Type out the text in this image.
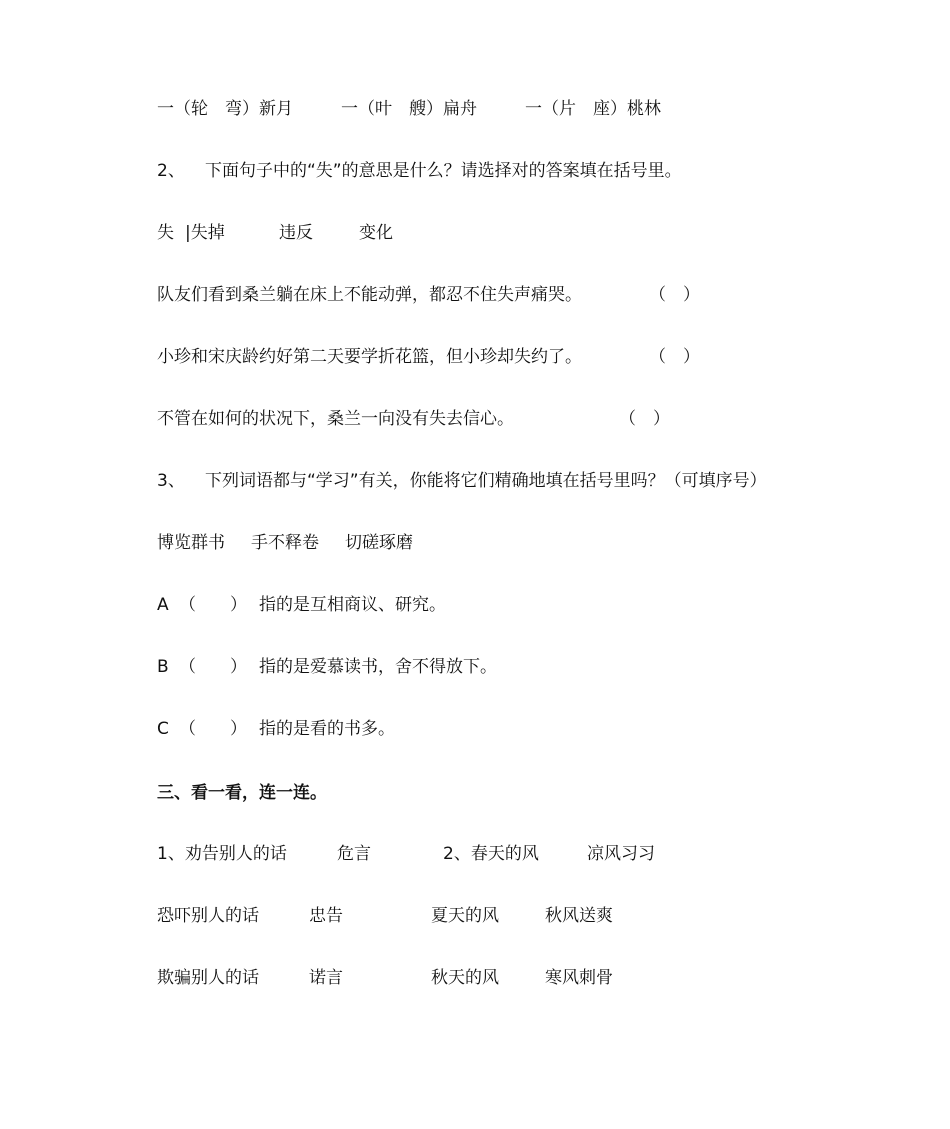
一（轮　弯）新月	一（叶　艘）扁舟	一（片　座）桃林
2、 下面句子中的“失”的意思是什么？请选择对的答案填在括号里。
失 |失掉	违反	变化
队友们看到桑兰躺在床上不能动弹，都忍不住失声痛哭。	（　）
小珍和宋庆龄约好第二天要学折花篮，但小珍却失约了。	（　）
不管在如何的状况下，桑兰一向没有失去信心。	（　）
3、 下列词语都与“学习”有关，你能将它们精确地填在括号里吗？（可填序号）
博览群书 手不释卷 切磋琢磨
A （　　） 指的是互相商议、研究。
B （　　） 指的是爱慕读书，舍不得放下。
C （　　） 指的是看的书多。
三、看一看，连一连。
1、劝告别人的话	危言	2、春天的风	凉风习习
恐吓别人的话	忠告	夏天的风	秋风送爽
欺骗别人的话	诺言	秋天的风	寒风刺骨
